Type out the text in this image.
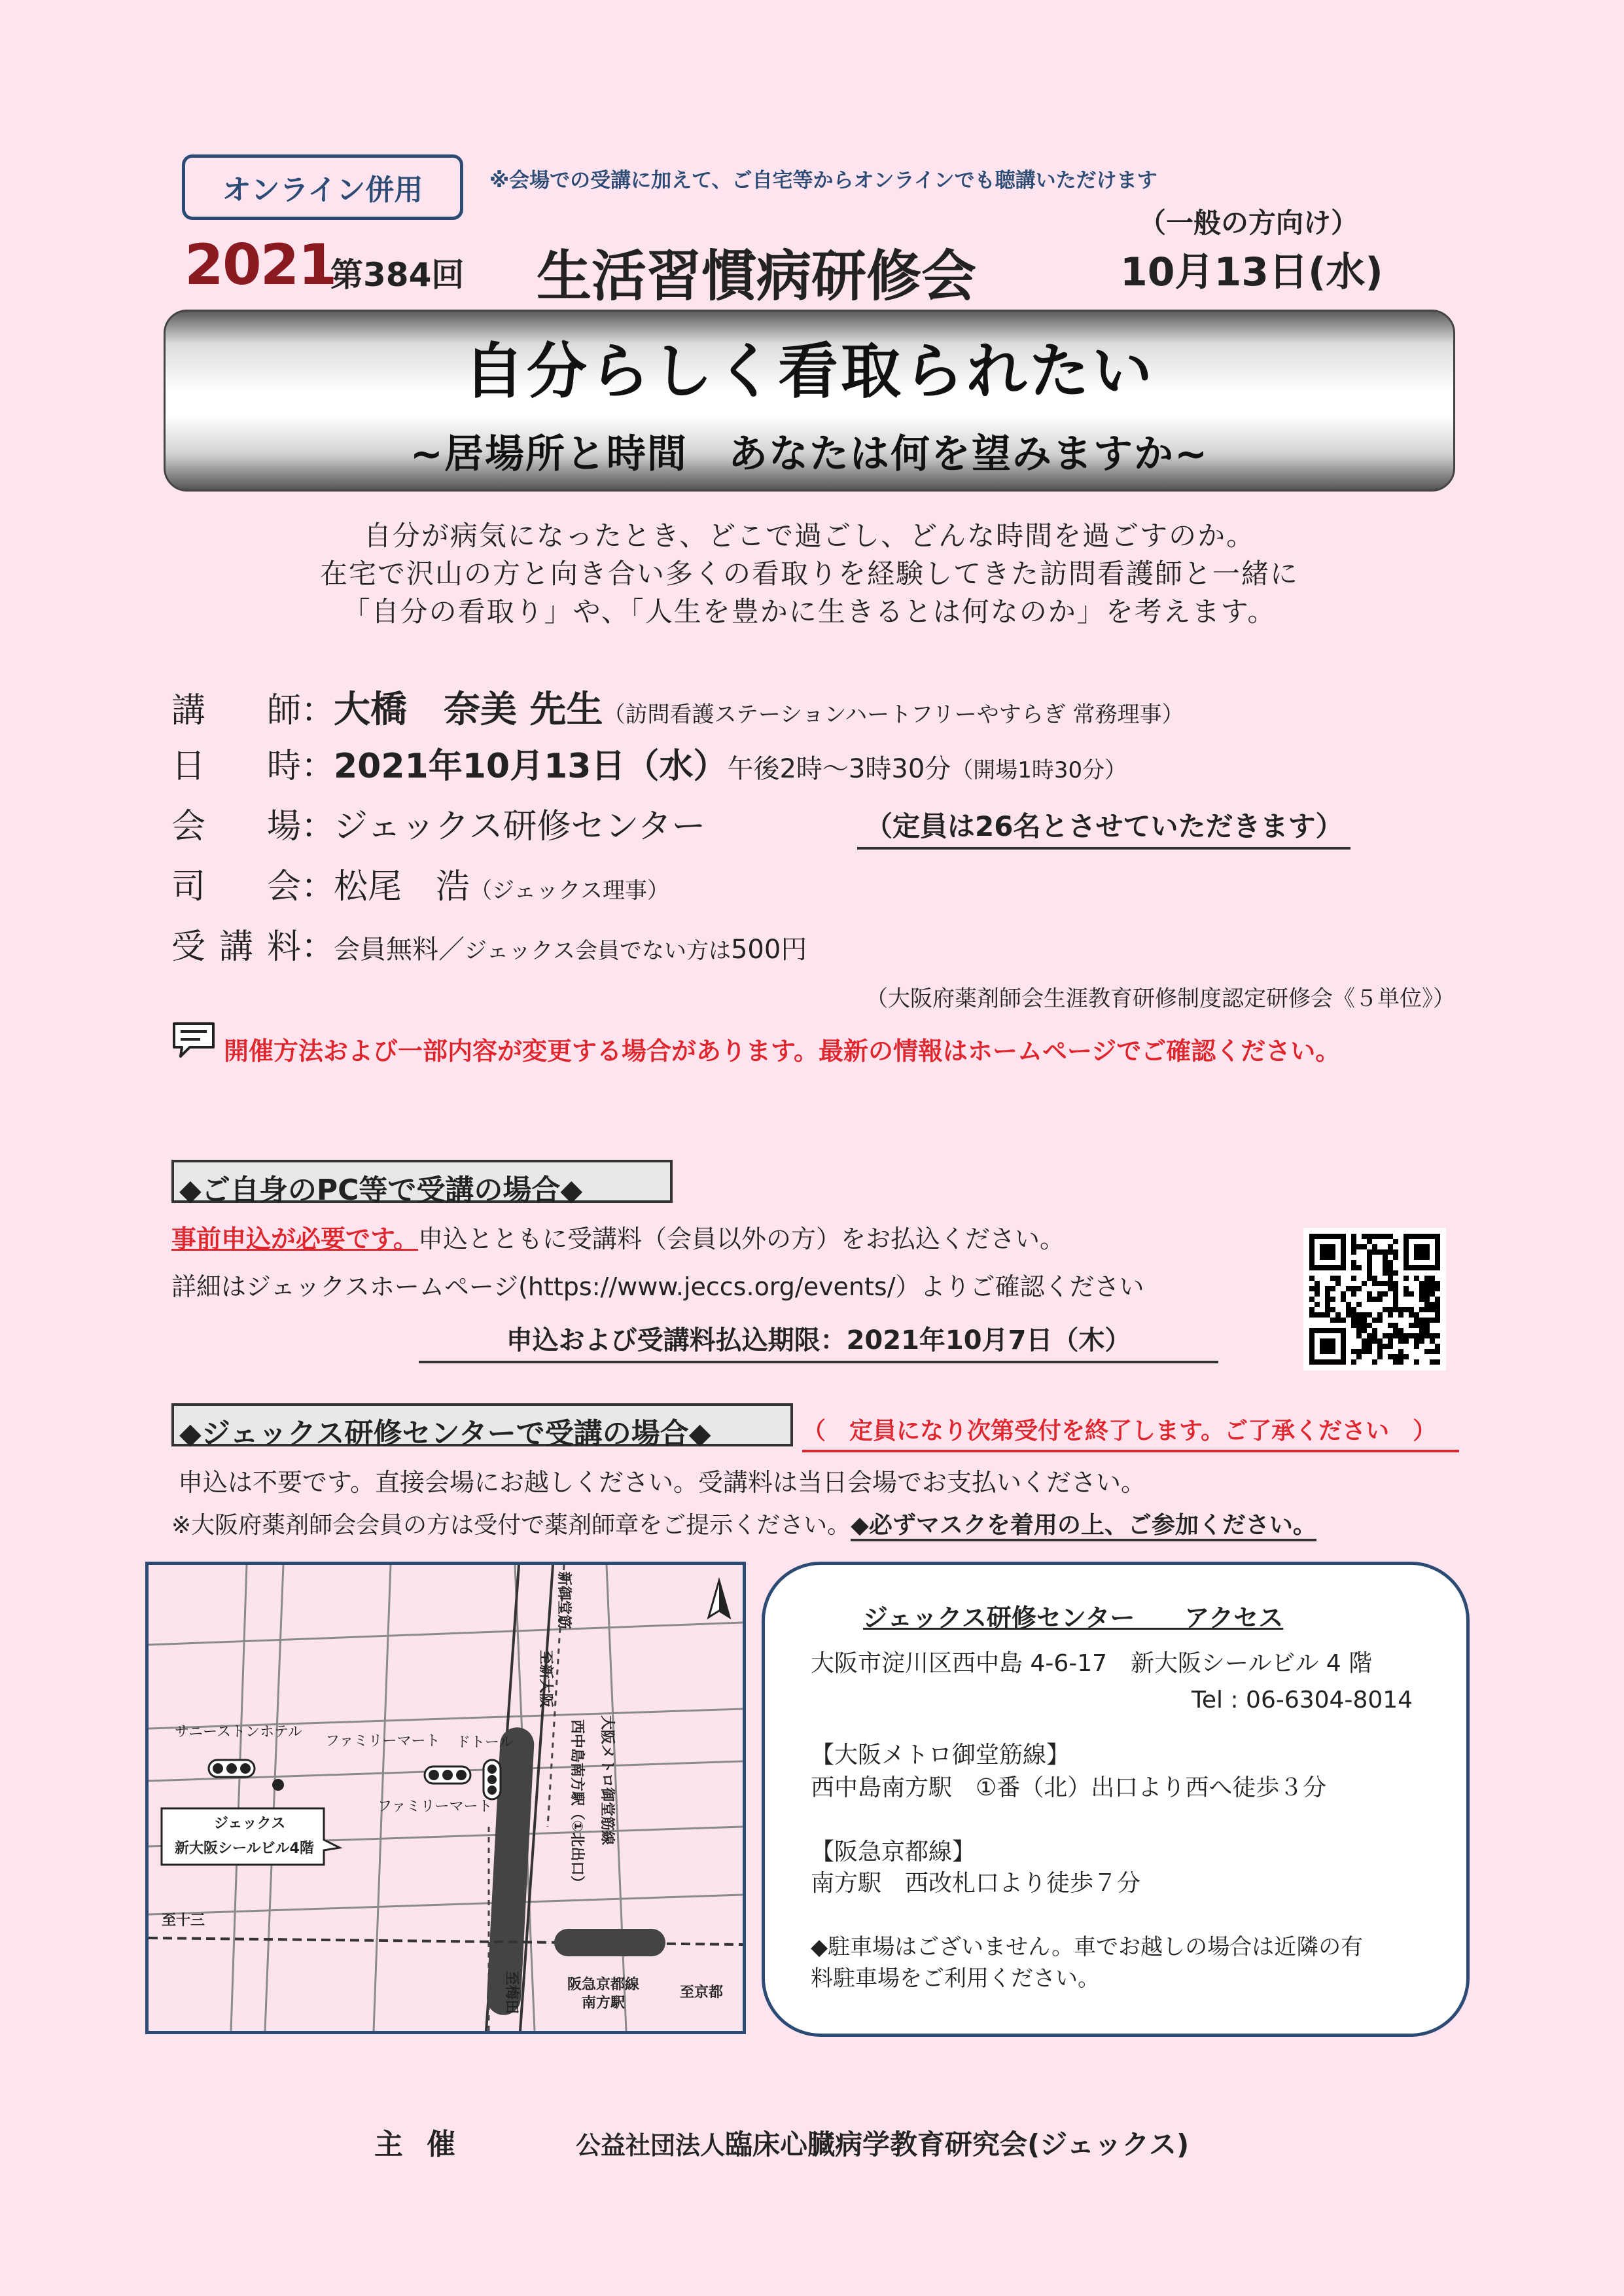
オンライン併用	※会場での受講に加えて、ご自宅等からオンラインでも聴講いただけます
2021
第384回 生活習慣病研修会
（一般の方向け）
10月13日(水)
自分らしく看取られたい
~居場所と時間　あなたは何を望みますか~
自分が病気になったとき、どこで過ごし、どんな時間を過ごすのか。
在宅で沢山の方と向き合い多くの看取りを経験してきた訪問看護師と一緒に
「自分の看取り」や、「人生を豊かに生きるとは何なのか」を考えます。
講師：大橋　奈美 先生（訪問看護ステーションハートフリーやすらぎ 常務理事）
日時：2021年10月13日（水）午後2時～3時30分（開場1時30分）
会場：ジェックス研修センター	（定員は26名とさせていただきます）
司会：松尾　浩（ジェックス理事）
受講料：会員無料／ジェックス会員でない方は500円
（大阪府薬剤師会生涯教育研修制度認定研修会《５単位》）
開催方法および一部内容が変更する場合があります。最新の情報はホームページでご確認ください。
◆ご自身のPC等で受講の場合◆
事前申込が必要です。申込とともに受講料（会員以外の方）をお払込ください。
詳細はジェックスホームページ(https://www.jeccs.org/events/）よりご確認ください
申込および受講料払込期限：2021年10月7日（木）
◆ジェックス研修センターで受講の場合◆	（　定員になり次第受付を終了します。ご了承ください　）
申込は不要です。直接会場にお越しください。受講料は当日会場でお支払いください。
※大阪府薬剤師会会員の方は受付で薬剤師章をご提示ください。◆必ずマスクを着用の上、ご参加ください。
サニーストンホテル
ファミリーマート ドトール
ファミリーマート
ジェックス
新大阪シールビル4階
至十三
阪急京都線
南方駅
至京都
至梅田
新御堂筋
至新大阪
西中島南方駅（①北出口） 大阪メトロ御堂筋線
ジェックス研修センター　　アクセス
大阪市淀川区西中島 4-6-17　新大阪シールビル 4 階
Tel : 06-6304-8014
【大阪メトロ御堂筋線】
西中島南方駅　①番（北）出口より西へ徒歩３分
【阪急京都線】
南方駅　西改札口より徒歩７分
◆駐車場はございません。車でお越しの場合は近隣の有
料駐車場をご利用ください。
主催	公益社団法人臨床心臓病学教育研究会(ジェックス)
